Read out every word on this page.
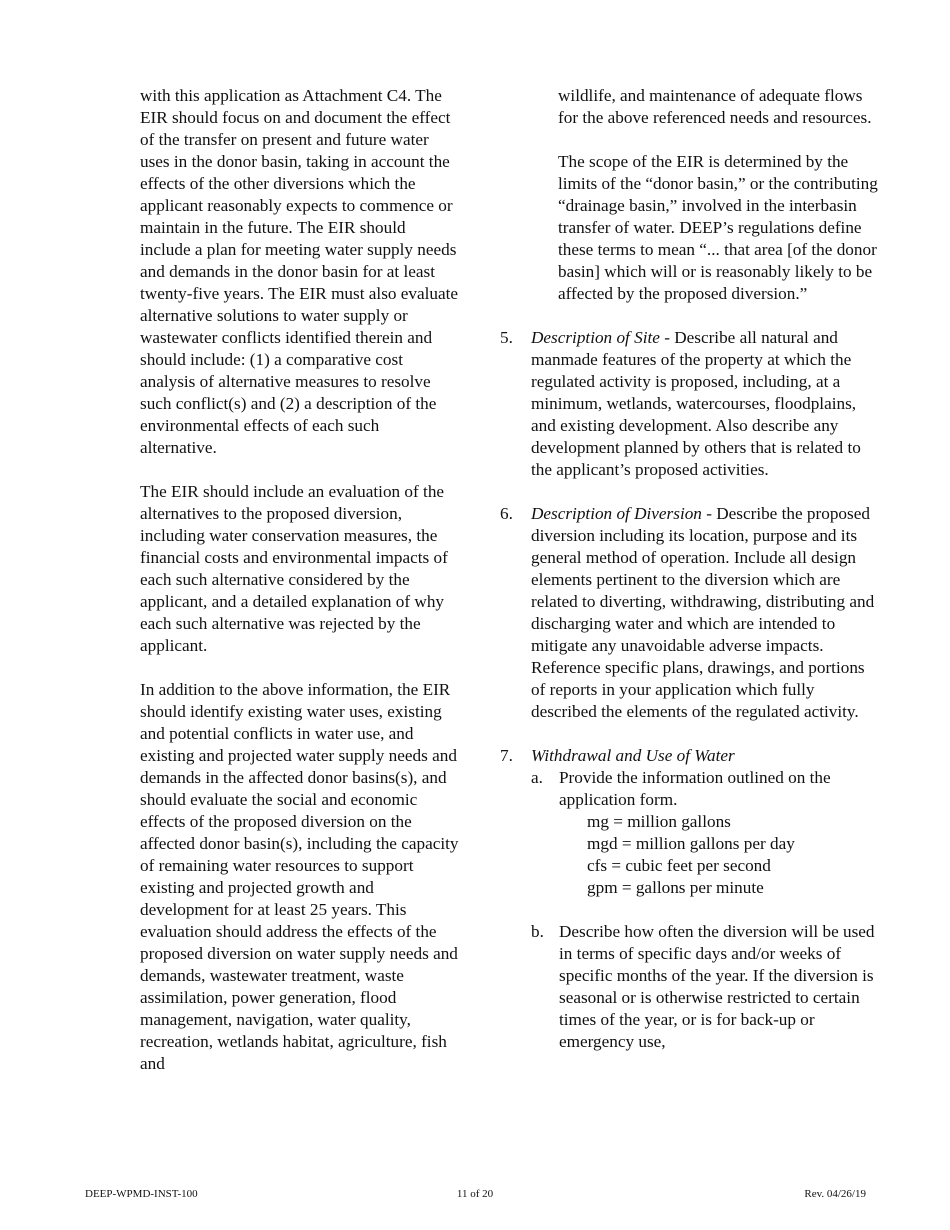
with this application as Attachment C4. The EIR should focus on and document the effect of the transfer on present and future water uses in the donor basin, taking in account the effects of the other diversions which the applicant reasonably expects to commence or maintain in the future. The EIR should include a plan for meeting water supply needs and demands in the donor basin for at least twenty-five years. The EIR must also evaluate alternative solutions to water supply or wastewater conflicts identified therein and should include: (1) a comparative cost analysis of alternative measures to resolve such conflict(s) and (2) a description of the environmental effects of each such alternative.

The EIR should include an evaluation of the alternatives to the proposed diversion, including water conservation measures, the financial costs and environmental impacts of each such alternative considered by the applicant, and a detailed explanation of why each such alternative was rejected by the applicant.

In addition to the above information, the EIR should identify existing water uses, existing and potential conflicts in water use, and existing and projected water supply needs and demands in the affected donor basins(s), and should evaluate the social and economic effects of the proposed diversion on the affected donor basin(s), including the capacity of remaining water resources to support existing and projected growth and development for at least 25 years. This evaluation should address the effects of the proposed diversion on water supply needs and demands, wastewater treatment, waste assimilation, power generation, flood management, navigation, water quality, recreation, wetlands habitat, agriculture, fish and

wildlife, and maintenance of adequate flows for the above referenced needs and resources.

The scope of the EIR is determined by the limits of the “donor basin,” or the contributing “drainage basin,” involved in the interbasin transfer of water. DEEP’s regulations define these terms to mean “... that area [of the donor basin] which will or is reasonably likely to be affected by the proposed diversion.”

5. Description of Site - Describe all natural and manmade features of the property at which the regulated activity is proposed, including, at a minimum, wetlands, watercourses, floodplains, and existing development. Also describe any development planned by others that is related to the applicant’s proposed activities.
6. Description of Diversion - Describe the proposed diversion including its location, purpose and its general method of operation. Include all design elements pertinent to the diversion which are related to diverting, withdrawing, distributing and discharging water and which are intended to mitigate any unavoidable adverse impacts. Reference specific plans, drawings, and portions of reports in your application which fully described the elements of the regulated activity.
7. Withdrawal and Use of Water
a. Provide the information outlined on the application form.
mg = million gallons
mgd = million gallons per day
cfs = cubic feet per second
gpm = gallons per minute
b. Describe how often the diversion will be used in terms of specific days and/or weeks of specific months of the year. If the diversion is seasonal or is otherwise restricted to certain times of the year, or is for back-up or emergency use,
DEEP-WPMD-INST-100	11 of 20	Rev. 04/26/19
